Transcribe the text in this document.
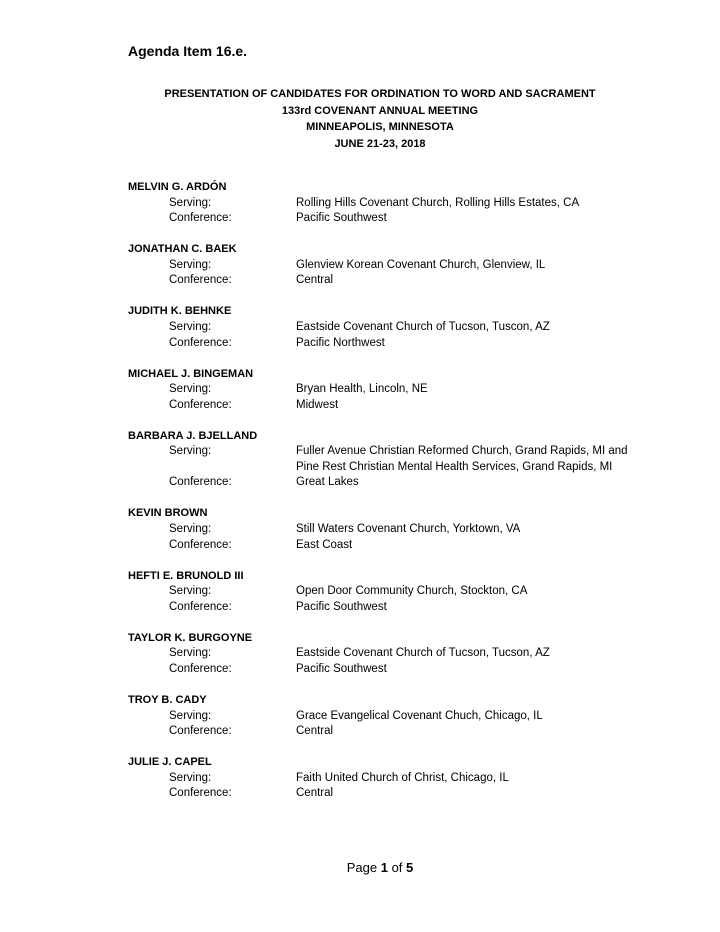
Agenda Item 16.e.
PRESENTATION OF CANDIDATES FOR ORDINATION TO WORD AND SACRAMENT
133rd COVENANT ANNUAL MEETING
MINNEAPOLIS, MINNESOTA
JUNE 21-23, 2018
MELVIN G. ARDÓN
Serving:	Rolling Hills Covenant Church, Rolling Hills Estates, CA
Conference:	Pacific Southwest
JONATHAN C. BAEK
Serving:	Glenview Korean Covenant Church, Glenview, IL
Conference:	Central
JUDITH K. BEHNKE
Serving:	Eastside Covenant Church of Tucson, Tuscon, AZ
Conference:	Pacific Northwest
MICHAEL J. BINGEMAN
Serving:	Bryan Health, Lincoln, NE
Conference:	Midwest
BARBARA J. BJELLAND
Serving:	Fuller Avenue Christian Reformed Church, Grand Rapids, MI and
Pine Rest Christian Mental Health Services, Grand Rapids, MI
Conference:	Great Lakes
KEVIN BROWN
Serving:	Still Waters Covenant Church, Yorktown, VA
Conference:	East Coast
HEFTI E. BRUNOLD III
Serving:	Open Door Community Church, Stockton, CA
Conference:	Pacific Southwest
TAYLOR K. BURGOYNE
Serving:	Eastside Covenant Church of Tucson, Tucson, AZ
Conference:	Pacific Southwest
TROY B. CADY
Serving:	Grace Evangelical Covenant Chuch, Chicago, IL
Conference:	Central
JULIE J. CAPEL
Serving:	Faith United Church of Christ, Chicago, IL
Conference:	Central
Page 1 of 5
